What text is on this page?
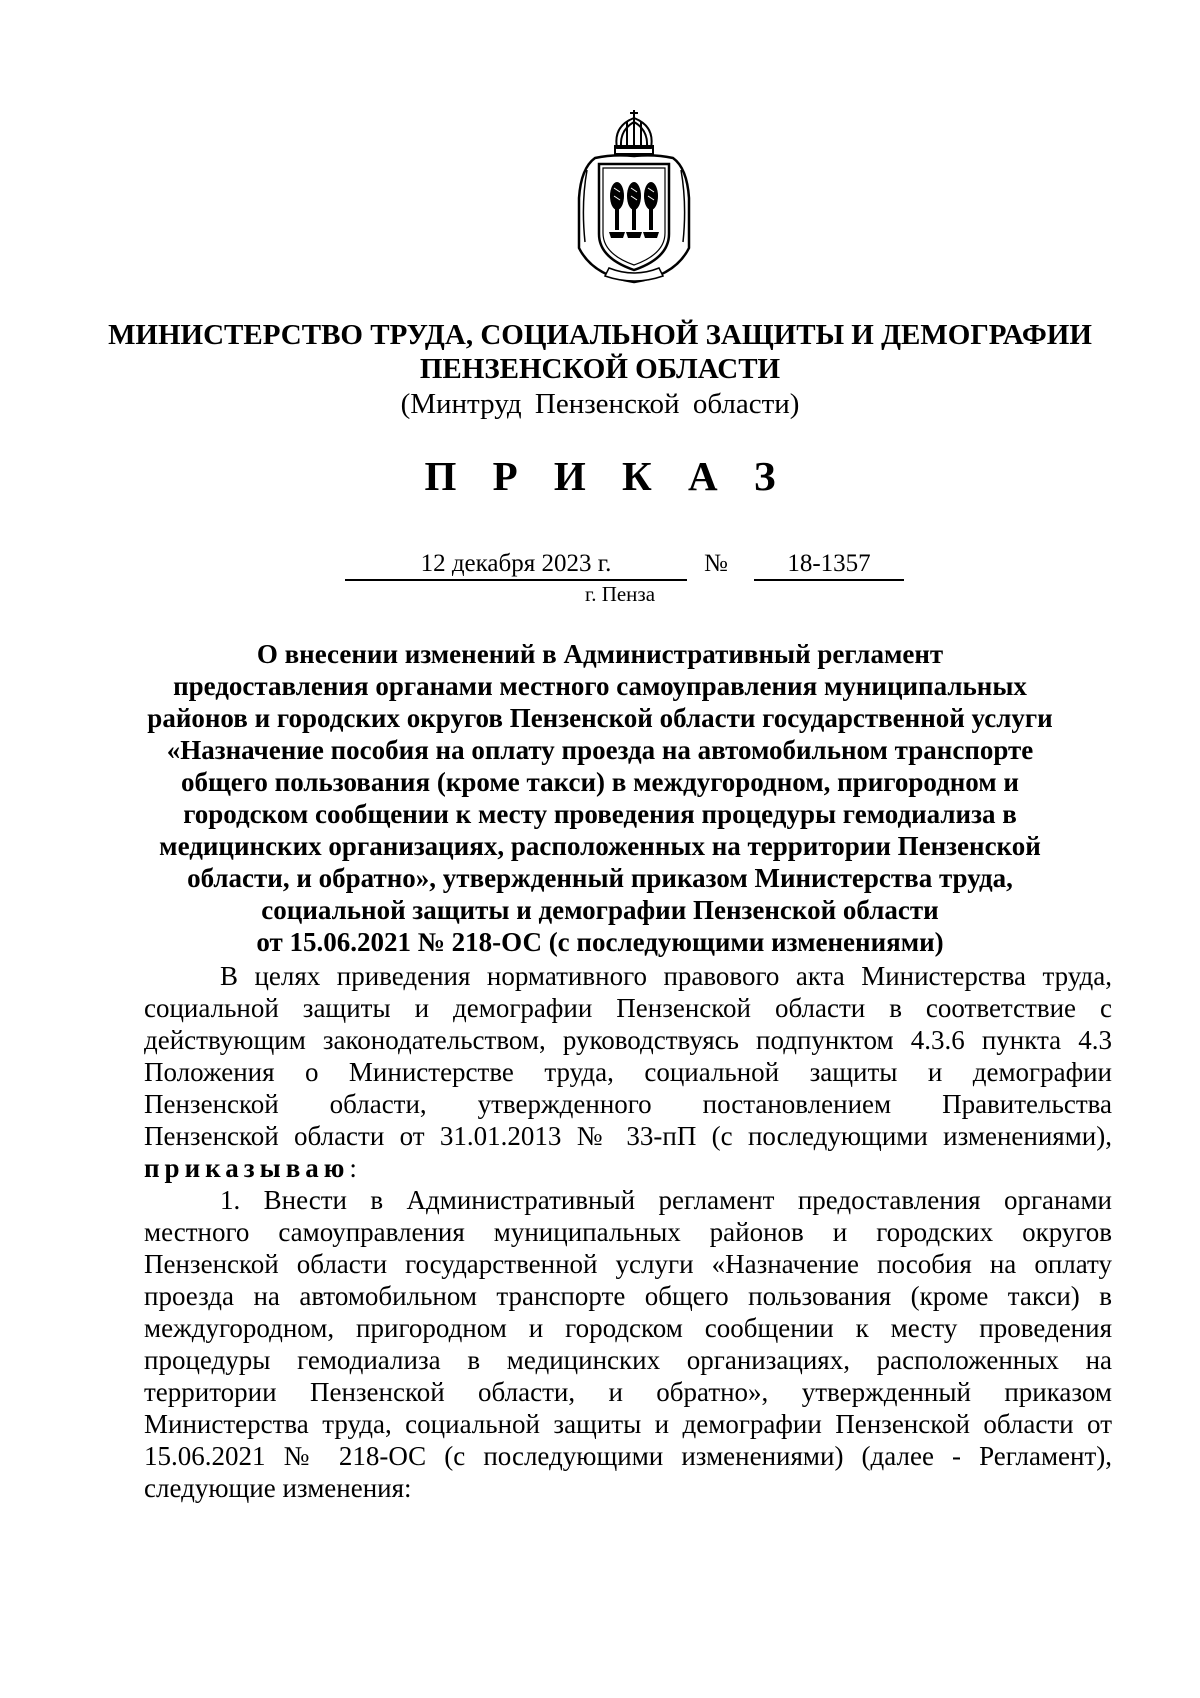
МИНИСТЕРСТВО ТРУДА, СОЦИАЛЬНОЙ ЗАЩИТЫ И ДЕМОГРАФИИ
ПЕНЗЕНСКОЙ ОБЛАСТИ
(Минтруд Пензенской области)
П Р И К А З
12 декабря 2023 г.	№	18-1357
г. Пенза
О внесении изменений в Административный регламент
предоставления органами местного самоуправления муниципальных
районов и городских округов Пензенской области государственной услуги
«Назначение пособия на оплату проезда на автомобильном транспорте
общего пользования (кроме такси) в междугородном, пригородном и
городском сообщении к месту проведения процедуры гемодиализа в
медицинских организациях, расположенных на территории Пензенской
области, и обратно», утвержденный приказом Министерства труда,
социальной защиты и демографии Пензенской области
от 15.06.2021 № 218-ОС (с последующими изменениями)
В целях приведения нормативного правового акта Министерства труда,
социальной защиты и демографии Пензенской области в соответствие с
действующим законодательством, руководствуясь подпунктом 4.3.6 пункта 4.3
Положения о Министерстве труда, социальной защиты и демографии
Пензенской области, утвержденного постановлением Правительства
Пензенской области от 31.01.2013 № 33-пП (с последующими изменениями),
приказываю:
1. Внести в Административный регламент предоставления органами
местного самоуправления муниципальных районов и городских округов
Пензенской области государственной услуги «Назначение пособия на оплату
проезда на автомобильном транспорте общего пользования (кроме такси) в
междугородном, пригородном и городском сообщении к месту проведения
процедуры гемодиализа в медицинских организациях, расположенных на
территории Пензенской области, и обратно», утвержденный приказом
Министерства труда, социальной защиты и демографии Пензенской области от
15.06.2021 № 218-ОС (с последующими изменениями) (далее - Регламент),
следующие изменения:
